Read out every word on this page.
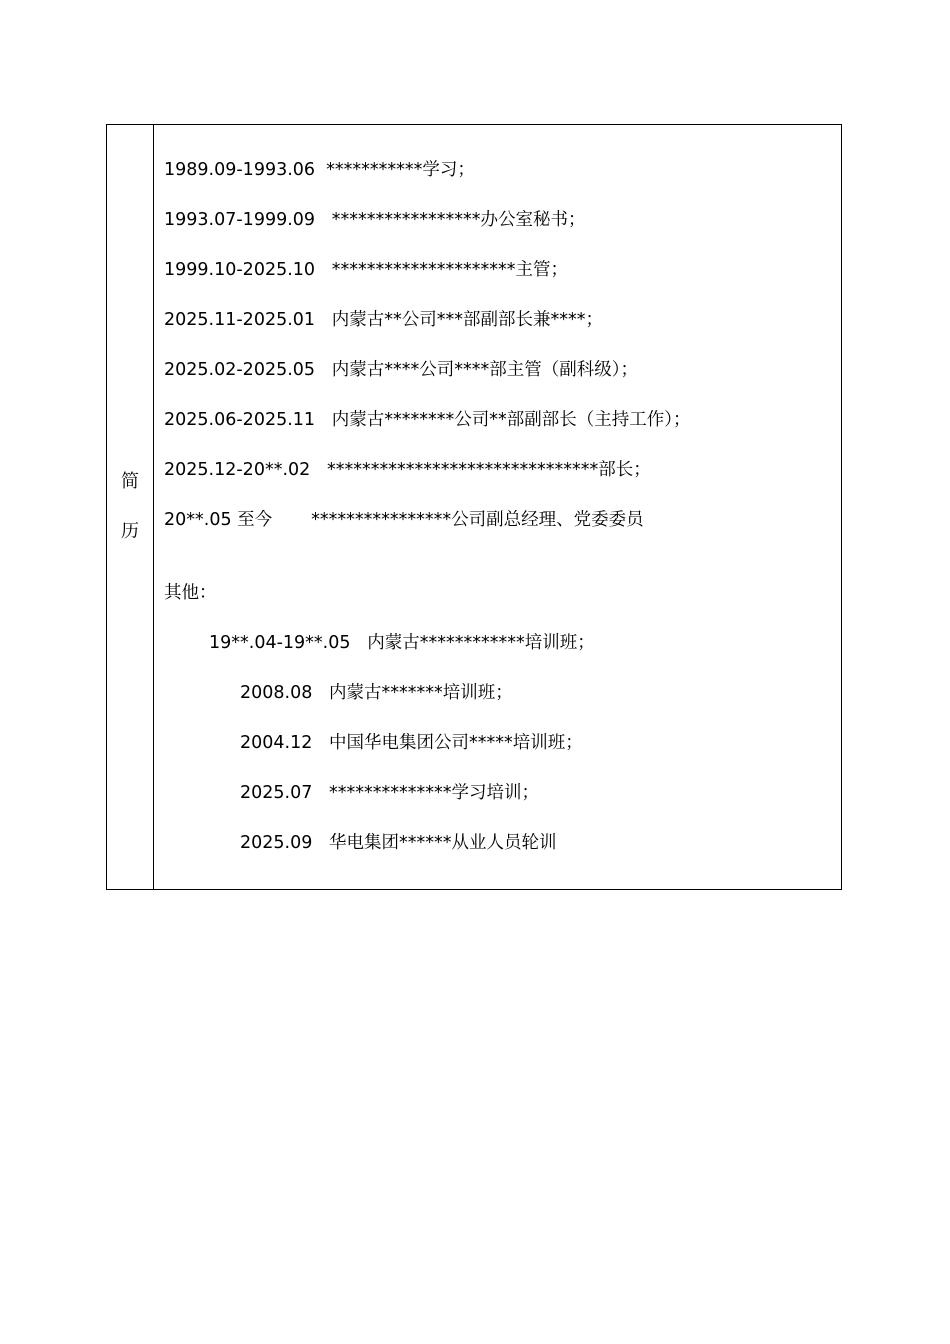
简
历
1989.09-1993.06  ***********学习；
1993.07-1999.09   *****************办公室秘书；
1999.10-2025.10   *********************主管；
2025.11-2025.01   内蒙古**公司***部副部长兼****；
2025.02-2025.05   内蒙古****公司****部主管（副科级）；
2025.06-2025.11   内蒙古********公司**部副部长（主持工作）；
2025.12-20**.02   *******************************部长；
20**.05 至今       ****************公司副总经理、党委委员
其他：
19**.04-19**.05   内蒙古************培训班；
2008.08   内蒙古*******培训班；
2004.12   中国华电集团公司*****培训班；
2025.07   **************学习培训；
2025.09   华电集团******从业人员轮训
